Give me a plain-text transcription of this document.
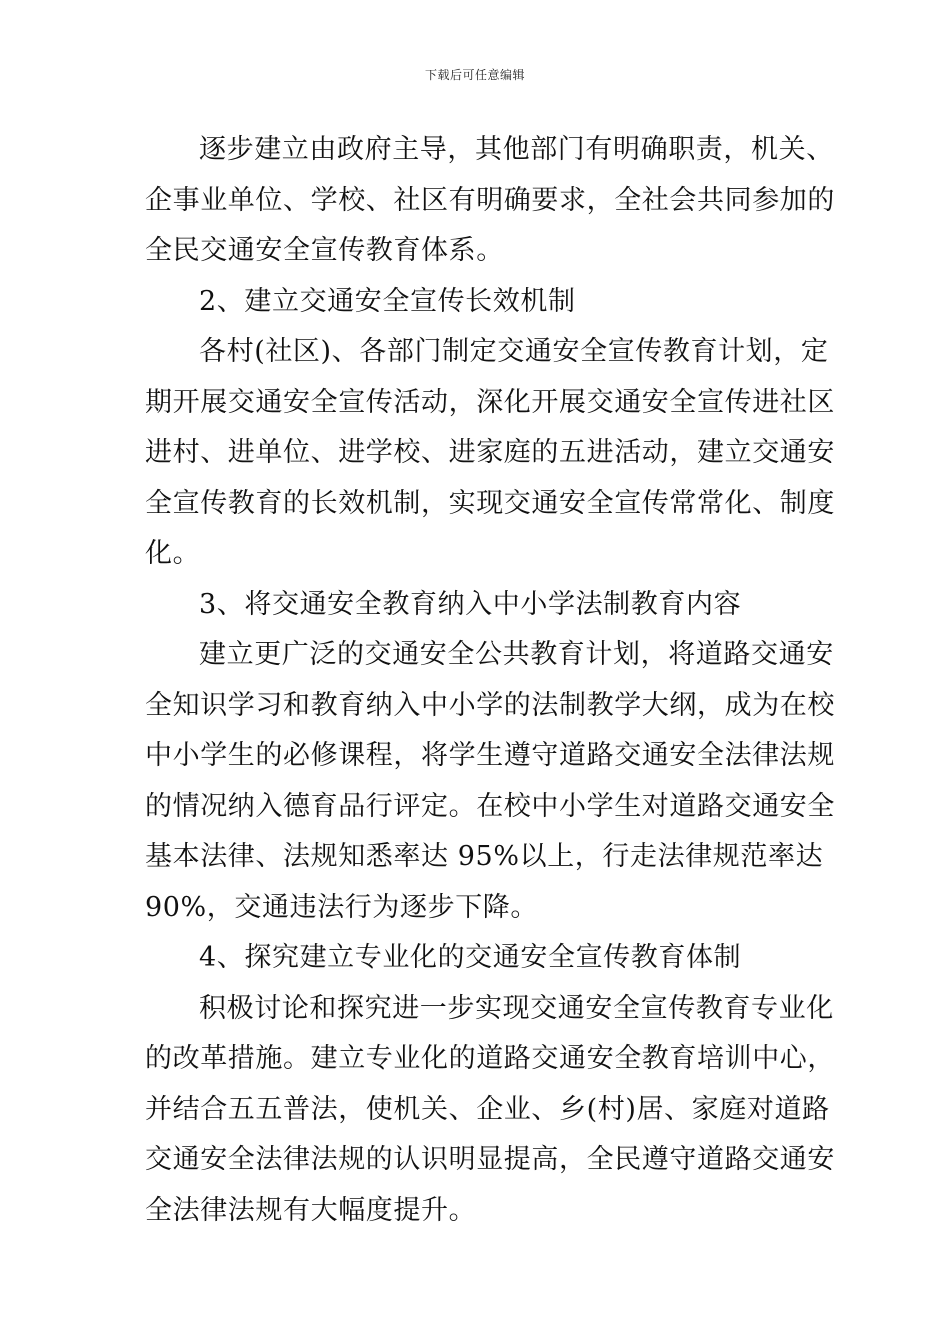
下载后可任意编辑
逐步建立由政府主导，其他部门有明确职责，机关、
企事业单位、学校、社区有明确要求，全社会共同参加的
全民交通安全宣传教育体系。
2、建立交通安全宣传长效机制
各村(社区)、各部门制定交通安全宣传教育计划，定
期开展交通安全宣传活动，深化开展交通安全宣传进社区
进村、进单位、进学校、进家庭的五进活动，建立交通安
全宣传教育的长效机制，实现交通安全宣传常常化、制度
化。
3、将交通安全教育纳入中小学法制教育内容
建立更广泛的交通安全公共教育计划，将道路交通安
全知识学习和教育纳入中小学的法制教学大纲，成为在校
中小学生的必修课程，将学生遵守道路交通安全法律法规
的情况纳入德育品行评定。在校中小学生对道路交通安全
基本法律、法规知悉率达 95%以上，行走法律规范率达
90%，交通违法行为逐步下降。
4、探究建立专业化的交通安全宣传教育体制
积极讨论和探究进一步实现交通安全宣传教育专业化
的改革措施。建立专业化的道路交通安全教育培训中心，
并结合五五普法，使机关、企业、乡(村)居、家庭对道路
交通安全法律法规的认识明显提高，全民遵守道路交通安
全法律法规有大幅度提升。
